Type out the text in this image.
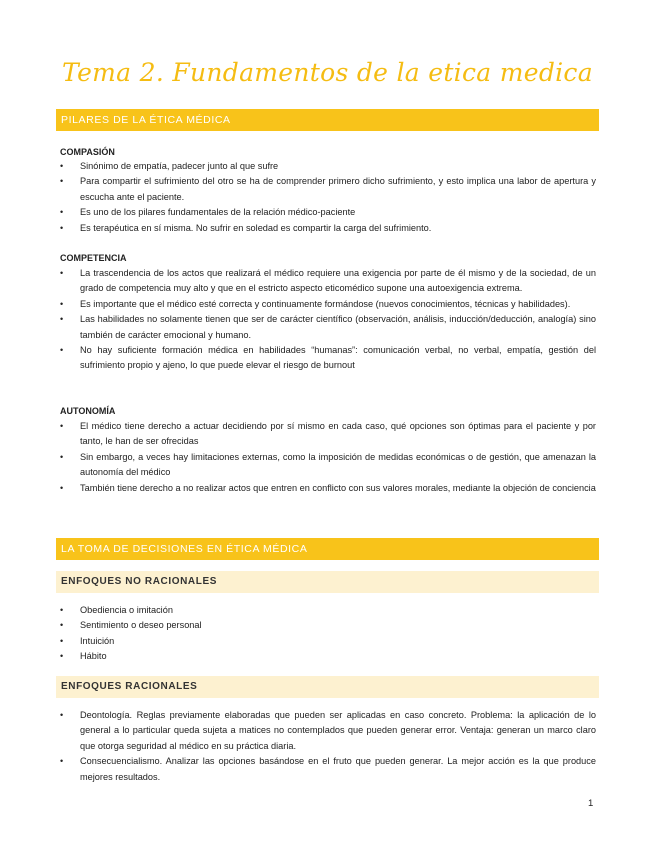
Tema 2. Fundamentos de la etica medica
PILARES DE LA ÉTICA MÉDICA
COMPASIÓN
• Sinónimo de empatía, padecer junto al que sufre
• Para compartir el sufrimiento del otro se ha de comprender primero dicho sufrimiento, y esto implica una labor de apertura y escucha ante el paciente.
• Es uno de los pilares fundamentales de la relación médico-paciente
• Es terapéutica en sí misma. No sufrir en soledad es compartir la carga del sufrimiento.
COMPETENCIA
• La trascendencia de los actos que realizará el médico requiere una exigencia por parte de él mismo y de la sociedad, de un grado de competencia muy alto y que en el estricto aspecto eticomédico supone una autoexigencia extrema.
• Es importante que el médico esté correcta y continuamente formándose (nuevos conocimientos, técnicas y habilidades).
• Las habilidades no solamente tienen que ser de carácter científico (observación, análisis, inducción/deducción, analogía) sino también de carácter emocional y humano.
• No hay suficiente formación médica en habilidades “humanas”: comunicación verbal, no verbal, empatía, gestión del sufrimiento propio y ajeno, lo que puede elevar el riesgo de burnout
AUTONOMÍA
• El médico tiene derecho a actuar decidiendo por sí mismo en cada caso, qué opciones son óptimas para el paciente y por tanto, le han de ser ofrecidas
• Sin embargo, a veces hay limitaciones externas, como la imposición de medidas económicas o de gestión, que amenazan la autonomía del médico
• También tiene derecho a no realizar actos que entren en conflicto con sus valores morales, mediante la objeción de conciencia
LA TOMA DE DECISIONES EN ÉTICA MÉDICA
ENFOQUES NO RACIONALES
• Obediencia o imitación
• Sentimiento o deseo personal
• Intuición
• Hábito
ENFOQUES RACIONALES
• Deontología. Reglas previamente elaboradas que pueden ser aplicadas en caso concreto. Problema: la aplicación de lo general a lo particular queda sujeta a matices no contemplados que pueden generar error. Ventaja: generan un marco claro que otorga seguridad al médico en su práctica diaria.
• Consecuencialismo. Analizar las opciones basándose en el fruto que pueden generar. La mejor acción es la que produce mejores resultados.
1
